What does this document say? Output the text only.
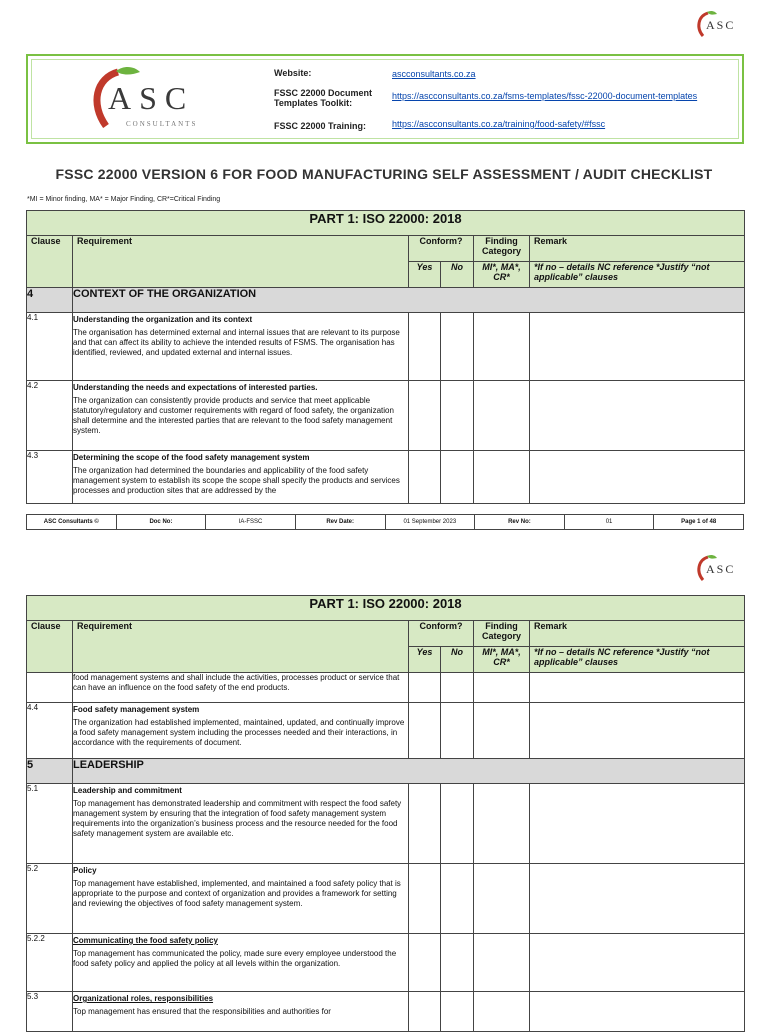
ASC
ASC
CONSULTANTS
Website:	ascconsultants.co.za
FSSC 22000 Document Templates Toolkit:
https://ascconsultants.co.za/fsms-templates/fssc-22000-document-templates
FSSC 22000 Training:	https://ascconsultants.co.za/training/food-safety/#fssc
FSSC 22000 VERSION 6 FOR FOOD MANUFACTURING SELF ASSESSMENT / AUDIT CHECKLIST
*MI = Minor finding, MA* = Major Finding, CR*=Critical Finding
PART 1: ISO 22000: 2018					
Clause	Requirement	Conform?		Finding Category	Remark
		Yes	No	MI*, MA*, CR*	*If no – details NC reference *Justify “not applicable” clauses
4	CONTEXT OF THE ORGANIZATION				
4.1	Understanding the organization and its context
The organisation has determined external and internal issues that are relevant to its purpose and that can affect its ability to achieve the intended results of FSMS. The organisation has identified, reviewed, and updated external and internal issues.				

4.2	Understanding the needs and expectations of interested parties.
The organization can consistently provide products and service that meet applicable statutory/regulatory and customer requirements with regard of food safety, the organization shall determine and the interested parties that are relevant to the food safety management system.				

4.3	Determining the scope of the food safety management system
The organization had determined the boundaries and applicability of the food safety management system to establish its scope the scope shall specify the products and services processes and production sites that are addressed by the				

ASC Consultants ©	Doc No:	IA-FSSC	Rev Date:	01 September 2023	Rev No:	01	Page 1 of 48
ASC
PART 1: ISO 22000: 2018					
Clause	Requirement	Conform?		Finding Category	Remark
		Yes	No	MI*, MA*, CR*	*If no – details NC reference *Justify “not applicable” clauses

	food management systems and shall include the activities, processes product or service that can have an influence on the food safety of the end products.				

4.4	Food safety management system
The organization had established implemented, maintained, updated, and continually improve a food safety management system including the processes needed and their interactions, in accordance with the requirements of document.				

5	LEADERSHIP				
5.1	Leadership and commitment
Top management has demonstrated leadership and commitment with respect the food safety management system by ensuring that the integration of food safety management system requirements into the organization’s business process and the resource needed for the food safety management system are available etc.				

5.2	Policy
Top management have established, implemented, and maintained a food safety policy that is appropriate to the purpose and context of organization and provides a framework for setting and reviewing the objectives of food safety management system.				

5.2.2	Communicating the food safety policy
Top management has communicated the policy, made sure every employee understood the food safety policy and applied the policy at all levels within the organization.				

5.3	Organizational roles, responsibilities
Top management has ensured that the responsibilities and authorities for				
